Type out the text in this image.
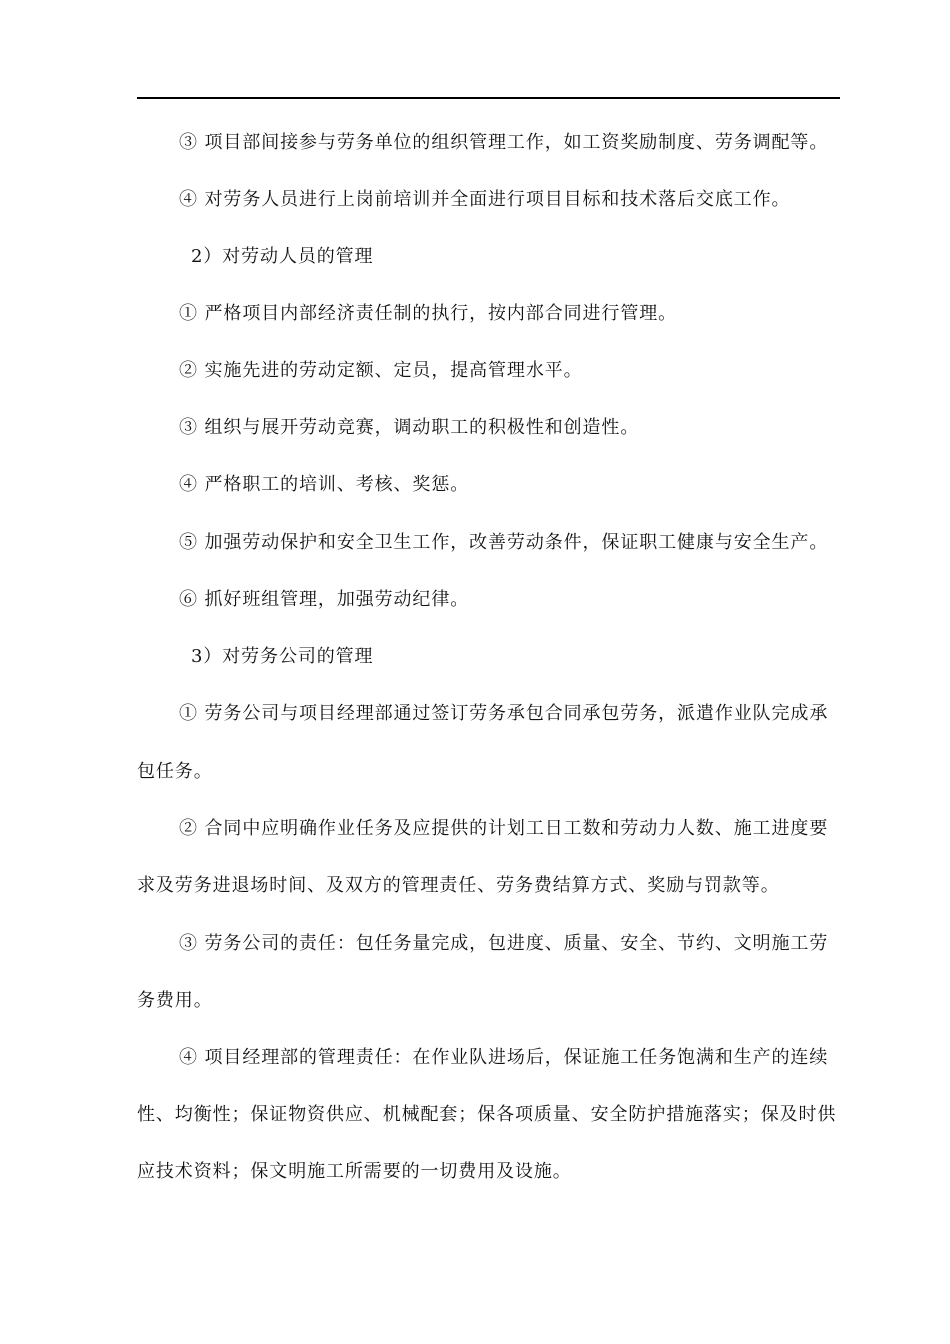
③ 项目部间接参与劳务单位的组织管理工作，如工资奖励制度、劳务调配等。
④ 对劳务人员进行上岗前培训并全面进行项目目标和技术落后交底工作。
2）对劳动人员的管理
① 严格项目内部经济责任制的执行，按内部合同进行管理。
② 实施先进的劳动定额、定员，提高管理水平。
③ 组织与展开劳动竞赛，调动职工的积极性和创造性。
④ 严格职工的培训、考核、奖惩。
⑤ 加强劳动保护和安全卫生工作，改善劳动条件，保证职工健康与安全生产。
⑥ 抓好班组管理，加强劳动纪律。
3）对劳务公司的管理
① 劳务公司与项目经理部通过签订劳务承包合同承包劳务，派遣作业队完成承
包任务。
② 合同中应明确作业任务及应提供的计划工日工数和劳动力人数、施工进度要
求及劳务进退场时间、及双方的管理责任、劳务费结算方式、奖励与罚款等。
③ 劳务公司的责任：包任务量完成，包进度、质量、安全、节约、文明施工劳
务费用。
④ 项目经理部的管理责任：在作业队进场后，保证施工任务饱满和生产的连续
性、均衡性；保证物资供应、机械配套；保各项质量、安全防护措施落实；保及时供
应技术资料；保文明施工所需要的一切费用及设施。
